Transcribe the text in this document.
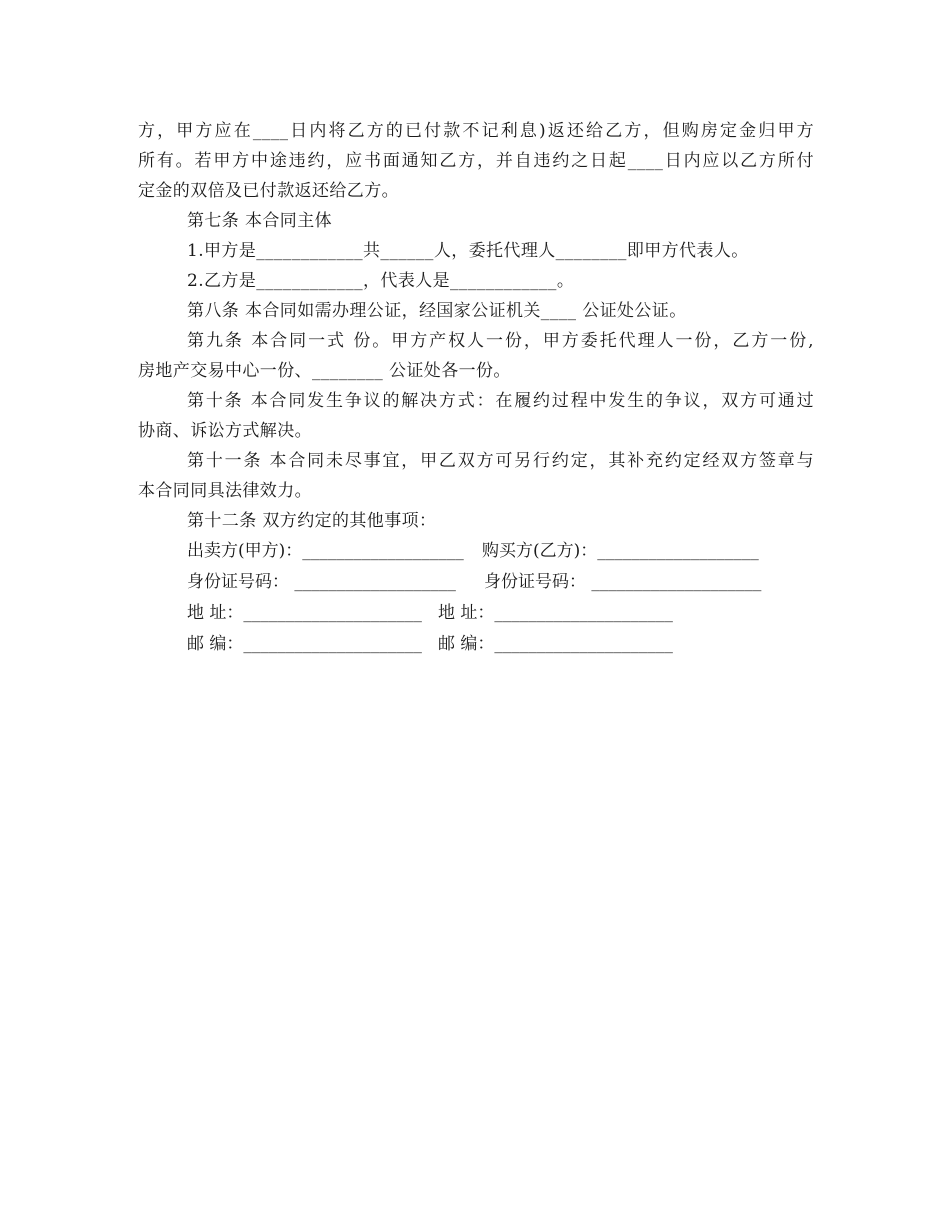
方，甲方应在____日内将乙方的已付款不记利息)返还给乙方，但购房定金归甲方
所有。若甲方中途违约，应书面通知乙方，并自违约之日起____日内应以乙方所付
定金的双倍及已付款返还给乙方。
第七条 本合同主体
1.甲方是____________共______人，委托代理人________即甲方代表人。
2.乙方是____________，代表人是____________。
第八条 本合同如需办理公证，经国家公证机关____ 公证处公证。
第九条 本合同一式 份。甲方产权人一份，甲方委托代理人一份，乙方一份,
房地产交易中心一份、________ 公证处各一份。
第十条 本合同发生争议的解决方式：在履约过程中发生的争议，双方可通过
协商、诉讼方式解决。
第十一条 本合同未尽事宜，甲乙双方可另行约定，其补充约定经双方签章与
本合同同具法律效力。
第十二条 双方约定的其他事项：
出卖方(甲方)：___________________ 购买方(乙方)：___________________
身份证号码： ___________________ 身份证号码： ____________________
地 址：_____________________ 地 址：_____________________
邮 编：_____________________ 邮 编：_____________________
